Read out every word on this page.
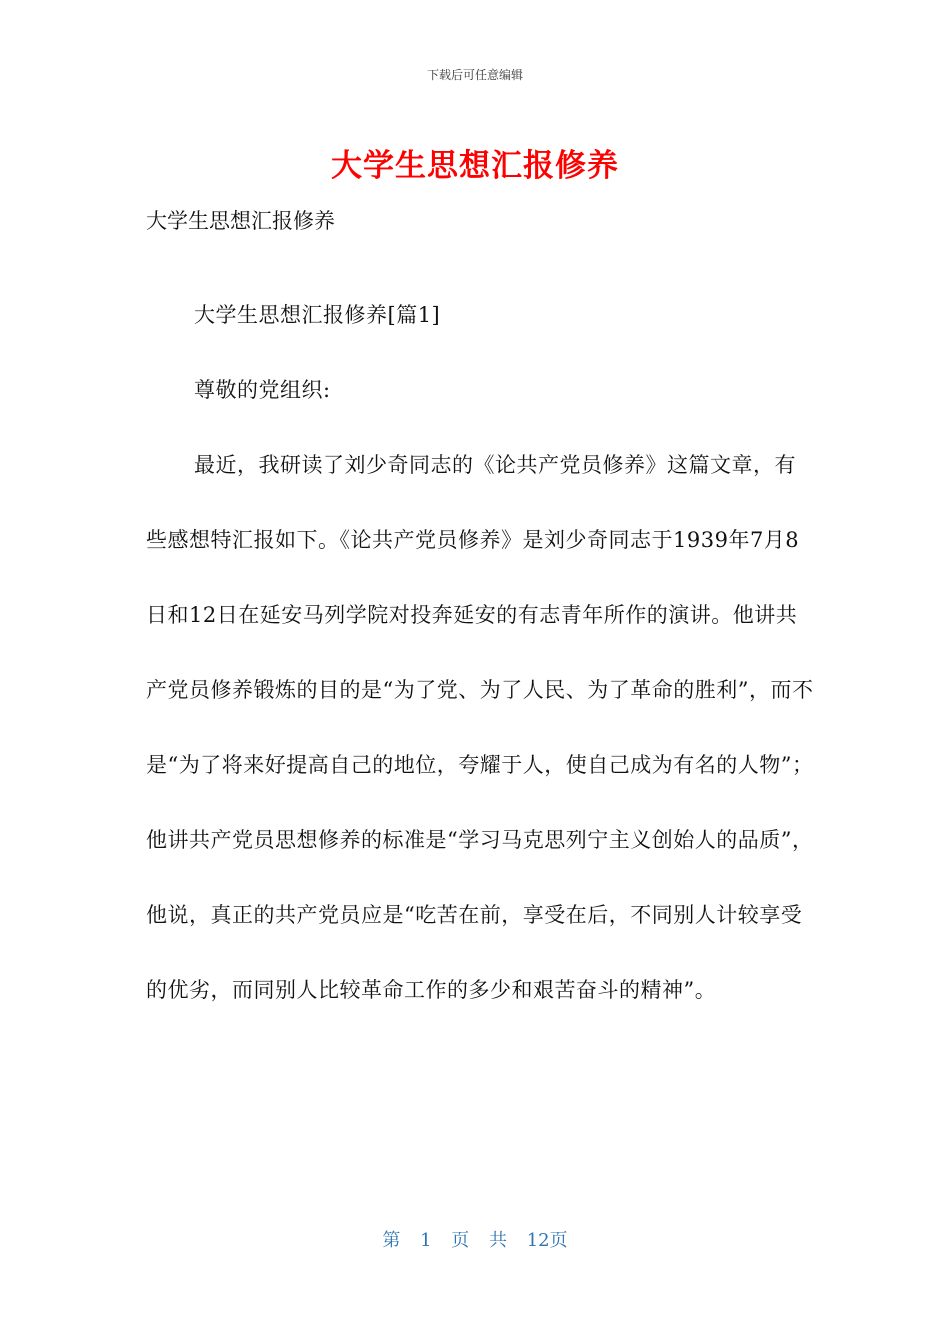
下载后可任意编辑
大学生思想汇报修养

大学生思想汇报修养

大学生思想汇报修养[篇1]

尊敬的党组织:

最近，我研读了刘少奇同志的《论共产党员修养》这篇文章，有些感想特汇报如下。《论共产党员修养》是刘少奇同志于1939年7月8日和12日在延安马列学院对投奔延安的有志青年所作的演讲。他讲共产党员修养锻炼的目的是“为了党、为了人民、为了革命的胜利”，而不是“为了将来好提高自己的地位，夸耀于人，使自己成为有名的人物”；他讲共产党员思想修养的标准是“学习马克思列宁主义创始人的品质”，他说，真正的共产党员应是“吃苦在前，享受在后，不同别人计较享受的优劣，而同别人比较革命工作的多少和艰苦奋斗的精神”。

第 1 页 共 12页
